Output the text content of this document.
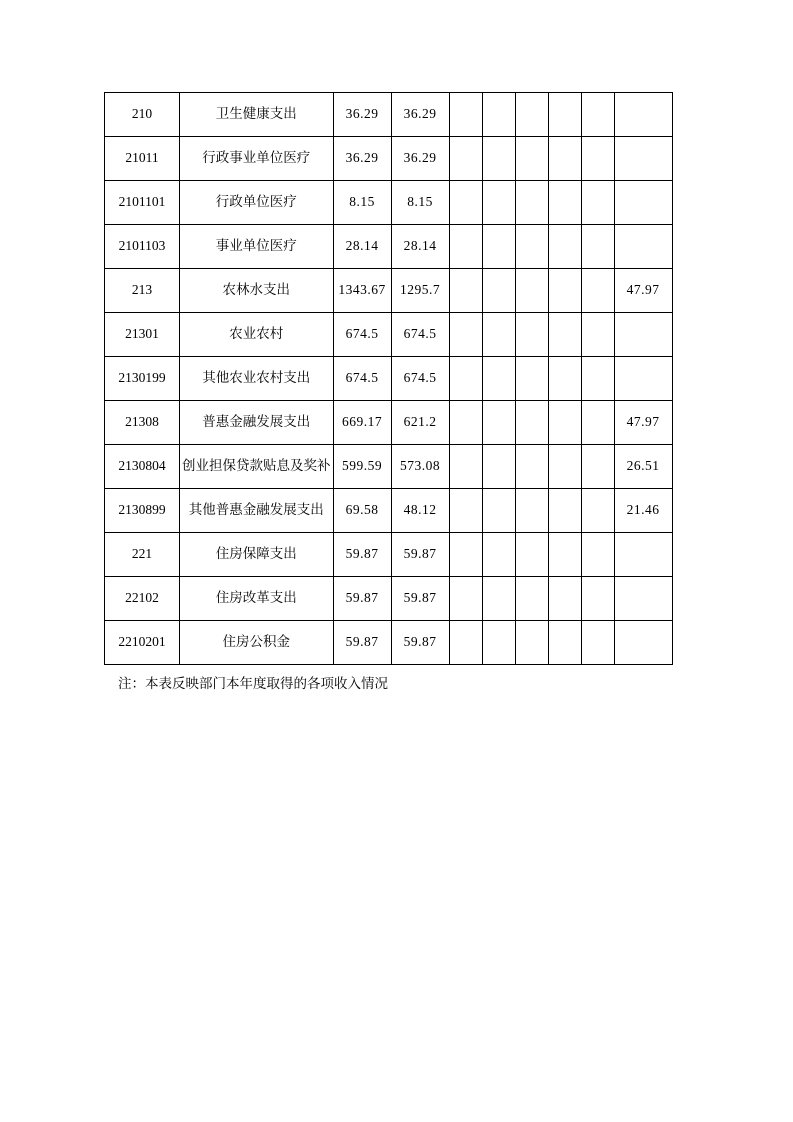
210	卫生健康支出	36.29	36.29						
21011	行政事业单位医疗	36.29	36.29						
2101101	行政单位医疗	8.15	8.15						
2101103	事业单位医疗	28.14	28.14						
213	农林水支出	1343.67	1295.7						47.97
21301	农业农村	674.5	674.5						
2130199	其他农业农村支出	674.5	674.5						
21308	普惠金融发展支出	669.17	621.2						47.97
2130804	创业担保贷款贴息及奖补	599.59	573.08						26.51
2130899	其他普惠金融发展支出	69.58	48.12						21.46
221	住房保障支出	59.87	59.87						
22102	住房改革支出	59.87	59.87						
2210201	住房公积金	59.87	59.87						
注：本表反映部门本年度取得的各项收入情况
